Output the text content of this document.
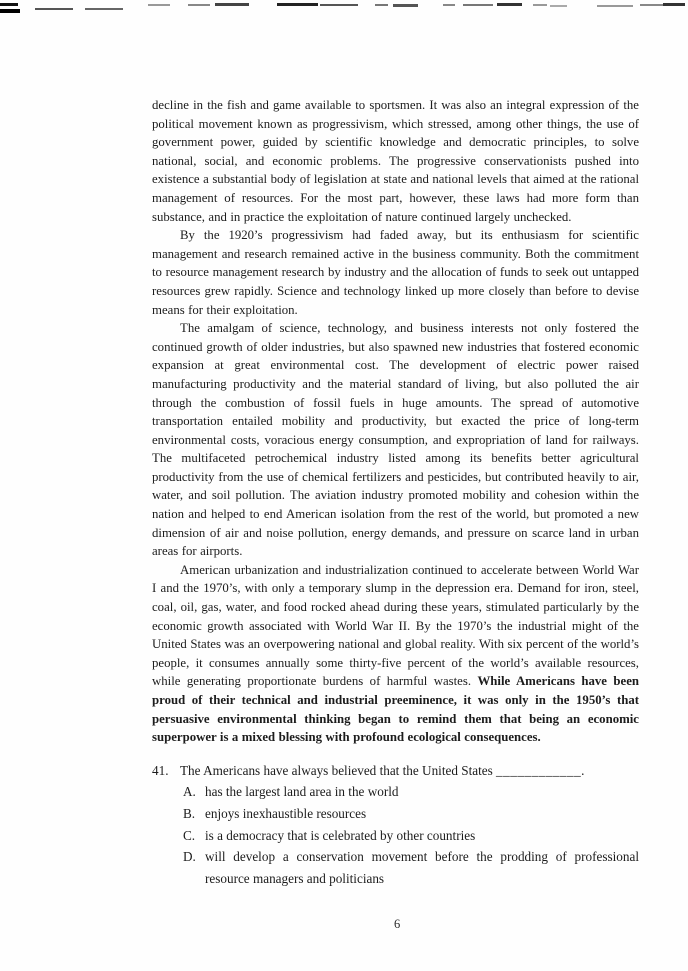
decline in the fish and game available to sportsmen. It was also an integral expression of the political movement known as progressivism, which stressed, among other things, the use of government power, guided by scientific knowledge and democratic principles, to solve national, social, and economic problems. The progressive conservationists pushed into existence a substantial body of legislation at state and national levels that aimed at the rational management of resources. For the most part, however, these laws had more form than substance, and in practice the exploitation of nature continued largely unchecked.

By the 1920’s progressivism had faded away, but its enthusiasm for scientific management and research remained active in the business community. Both the commitment to resource management research by industry and the allocation of funds to seek out untapped resources grew rapidly. Science and technology linked up more closely than before to devise means for their exploitation.

The amalgam of science, technology, and business interests not only fostered the continued growth of older industries, but also spawned new industries that fostered economic expansion at great environmental cost. The development of electric power raised manufacturing productivity and the material standard of living, but also polluted the air through the combustion of fossil fuels in huge amounts. The spread of automotive transportation entailed mobility and productivity, but exacted the price of long-term environmental costs, voracious energy consumption, and expropriation of land for railways. The multifaceted petrochemical industry listed among its benefits better agricultural productivity from the use of chemical fertilizers and pesticides, but contributed heavily to air, water, and soil pollution. The aviation industry promoted mobility and cohesion within the nation and helped to end American isolation from the rest of the world, but promoted a new dimension of air and noise pollution, energy demands, and pressure on scarce land in urban areas for airports.

American urbanization and industrialization continued to accelerate between World War I and the 1970’s, with only a temporary slump in the depression era. Demand for iron, steel, coal, oil, gas, water, and food rocked ahead during these years, stimulated particularly by the economic growth associated with World War II. By the 1970’s the industrial might of the United States was an overpowering national and global reality. With six percent of the world’s people, it consumes annually some thirty-five percent of the world’s available resources, while generating proportionate burdens of harmful wastes. While Americans have been proud of their technical and industrial preeminence, it was only in the 1950’s that persuasive environmental thinking began to remind them that being an economic superpower is a mixed blessing with profound ecological consequences.

41. The Americans have always believed that the United States ____________.
A. has the largest land area in the world
B. enjoys inexhaustible resources
C. is a democracy that is celebrated by other countries
D. will develop a conservation movement before the prodding of professional resource managers and politicians
6
